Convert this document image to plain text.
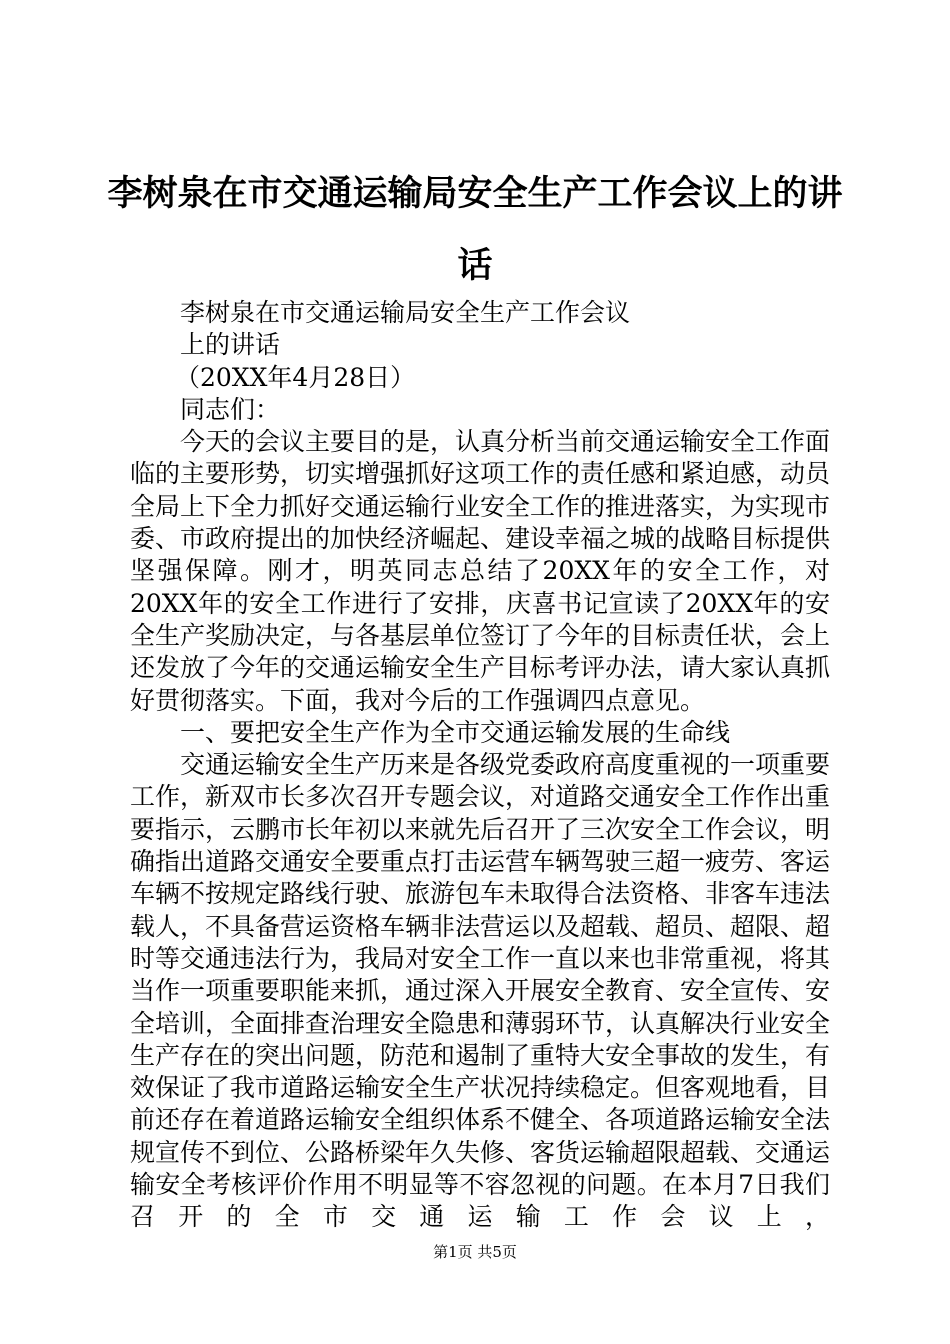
李树泉在市交通运输局安全生产工作会议上的讲话

李树泉在市交通运输局安全生产工作会议

上的讲话

（20XX年4月28日）

同志们：

今天的会议主要目的是，认真分析当前交通运输安全工作面临的主要形势，切实增强抓好这项工作的责任感和紧迫感，动员全局上下全力抓好交通运输行业安全工作的推进落实，为实现市委、市政府提出的加快经济崛起、建设幸福之城的战略目标提供坚强保障。刚才，明英同志总结了20XX年的安全工作，对20XX年的安全工作进行了安排，庆喜书记宣读了20XX年的安全生产奖励决定，与各基层单位签订了今年的目标责任状，会上还发放了今年的交通运输安全生产目标考评办法，请大家认真抓好贯彻落实。下面，我对今后的工作强调四点意见。

一、要把安全生产作为全市交通运输发展的生命线

交通运输安全生产历来是各级党委政府高度重视的一项重要工作，新双市长多次召开专题会议，对道路交通安全工作作出重要指示，云鹏市长年初以来就先后召开了三次安全工作会议，明确指出道路交通安全要重点打击运营车辆驾驶三超一疲劳、客运车辆不按规定路线行驶、旅游包车未取得合法资格、非客车违法载人，不具备营运资格车辆非法营运以及超载、超员、超限、超时等交通违法行为，我局对安全工作一直以来也非常重视，将其当作一项重要职能来抓，通过深入开展安全教育、安全宣传、安全培训，全面排查治理安全隐患和薄弱环节，认真解决行业安全生产存在的突出问题，防范和遏制了重特大安全事故的发生，有效保证了我市道路运输安全生产状况持续稳定。但客观地看，目前还存在着道路运输安全组织体系不健全、各项道路运输安全法规宣传不到位、公路桥梁年久失修、客货运输超限超载、交通运输安全考核评价作用不明显等不容忽视的问题。在本月7日我们召开的全市交通运输工作会议上，

第1页 共5页
